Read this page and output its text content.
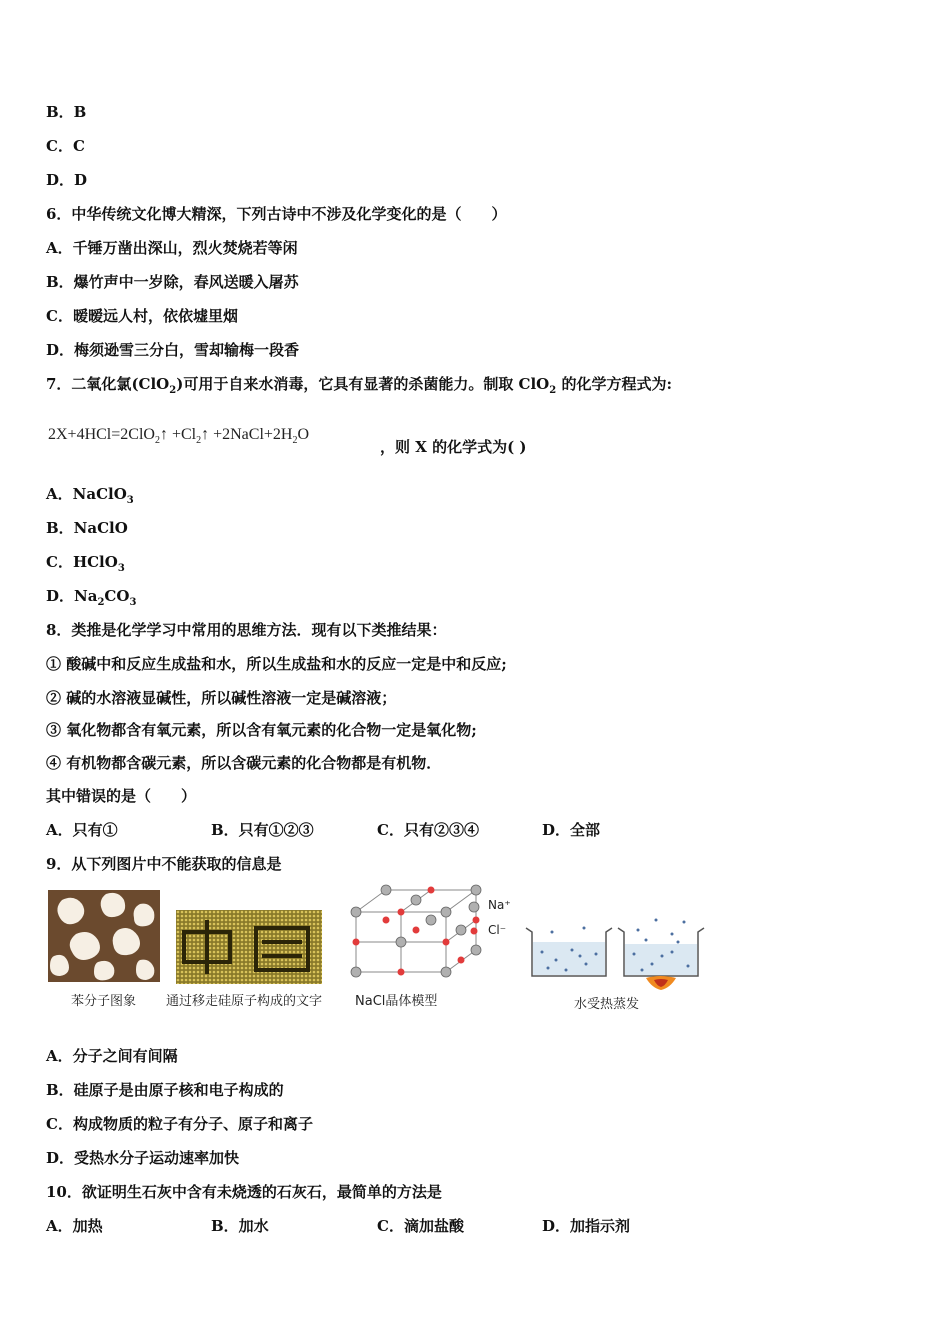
B．B
C．C
D．D
6．中华传统文化博大精深，下列古诗中不涉及化学变化的是（　　）
A．千锤万凿出深山，烈火焚烧若等闲
B．爆竹声中一岁除，春风送暖入屠苏
C．暧暧远人村，依依墟里烟
D．梅须逊雪三分白，雪却输梅一段香
7．二氧化氯(ClO$_2$)可用于自来水消毒，它具有显著的杀菌能力。制取 ClO$_2$ 的化学方程式为:
2X+4HCl=2ClO$_2$↑ $+Cl_2↑$ $+2NaCl+2H_2O$
，则 X 的化学式为( )
A．NaClO$_3$
B．NaClO
C．HClO$_3$
D．$Na_2CO_3$
8．类推是化学学习中常用的思维方法．现有以下类推结果：
① 酸碱中和反应生成盐和水，所以生成盐和水的反应一定是中和反应;
② 碱的水溶液显碱性，所以碱性溶液一定是碱溶液；
③ 氧化物都含有氧元素，所以含有氧元素的化合物一定是氧化物;
④ 有机物都含碳元素，所以含碳元素的化合物都是有机物．
其中错误的是（　　）
A．只有①	B．只有①②③	C．只有②③④	D．全部
9．从下列图片中不能获取的信息是
苯分子图象 通过移走硅原子构成的文字
Na⁺
Cl⁻
NaCl晶体模型	水受热蒸发
A．分子之间有间隔
B．硅原子是由原子核和电子构成的
C．构成物质的粒子有分子、原子和离子
D．受热水分子运动速率加快
10．欲证明生石灰中含有未烧透的石灰石，最简单的方法是
A．加热	B．加水	C．滴加盐酸	D．加指示剂
